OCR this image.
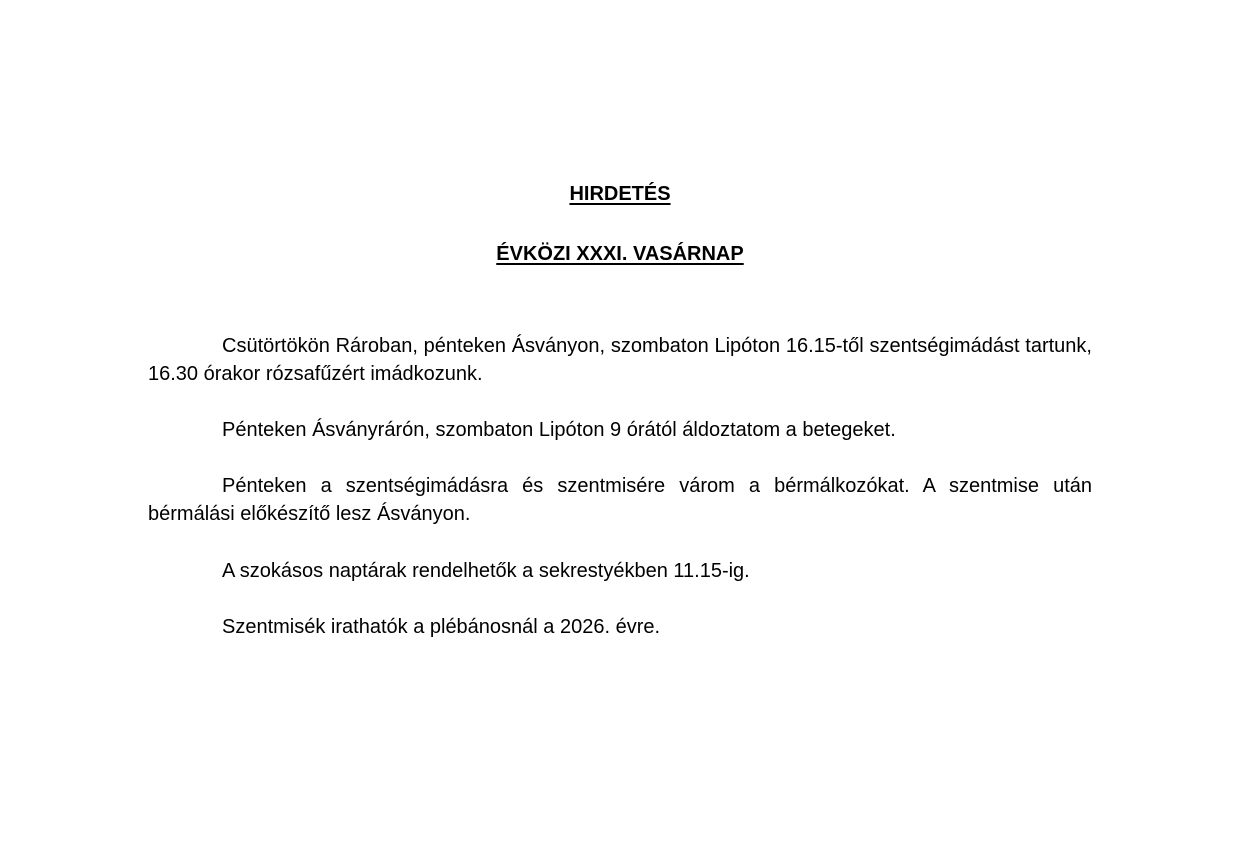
HIRDETÉS
ÉVKÖZI XXXI. VASÁRNAP

Csütörtökön Rároban, pénteken Ásványon, szombaton Lipóton 16.15-től szentségimádást tartunk, 16.30 órakor rózsafűzért imádkozunk.

Pénteken Ásványrárón, szombaton Lipóton 9 órától áldoztatom a betegeket.

Pénteken a szentségimádásra és szentmisére várom a bérmálkozókat. A szentmise után bérmálási előkészítő lesz Ásványon.

A szokásos naptárak rendelhetők a sekrestyékben 11.15-ig.

Szentmisék irathatók a plébánosnál a 2026. évre.
